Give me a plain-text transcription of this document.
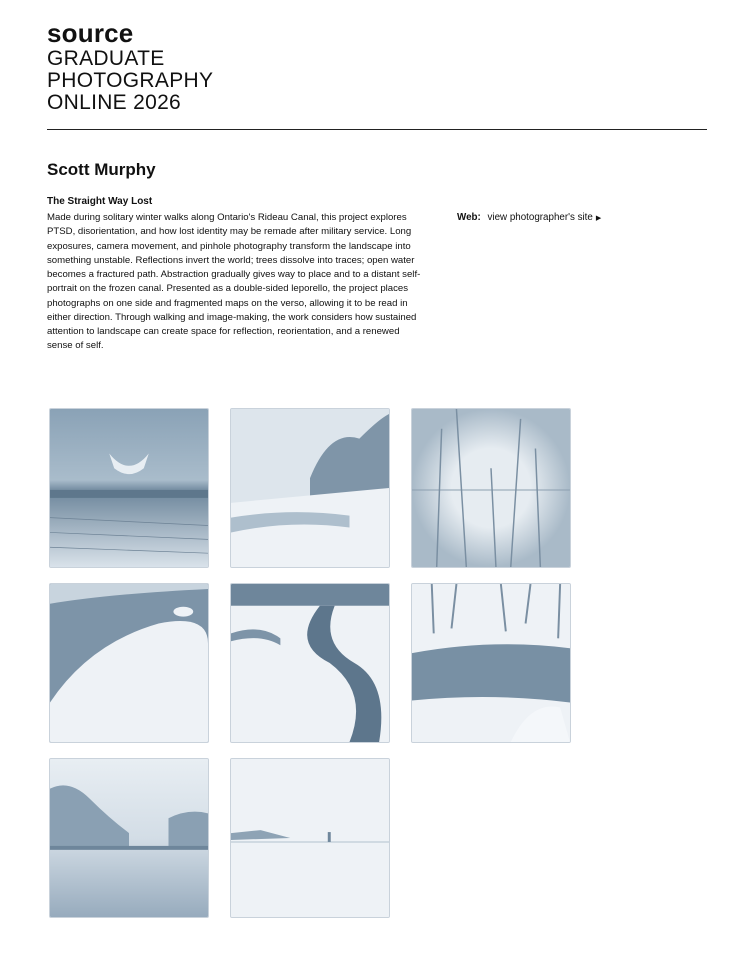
source
GRADUATE
PHOTOGRAPHY
ONLINE 2026
Scott Murphy
The Straight Way Lost
Made during solitary winter walks along Ontario's Rideau Canal, this project explores PTSD, disorientation, and how lost identity may be remade after military service. Long exposures, camera movement, and pinhole photography transform the landscape into something unstable. Reflections invert the world; trees dissolve into traces; open water becomes a fractured path. Abstraction gradually gives way to place and to a distant self-portrait on the frozen canal. Presented as a double-sided leporello, the project places photographs on one side and fragmented maps on the verso, allowing it to be read in either direction. Through walking and image-making, the work considers how sustained attention to landscape can create space for reflection, reorientation, and a renewed sense of self.
Web: view photographer's site ▶
